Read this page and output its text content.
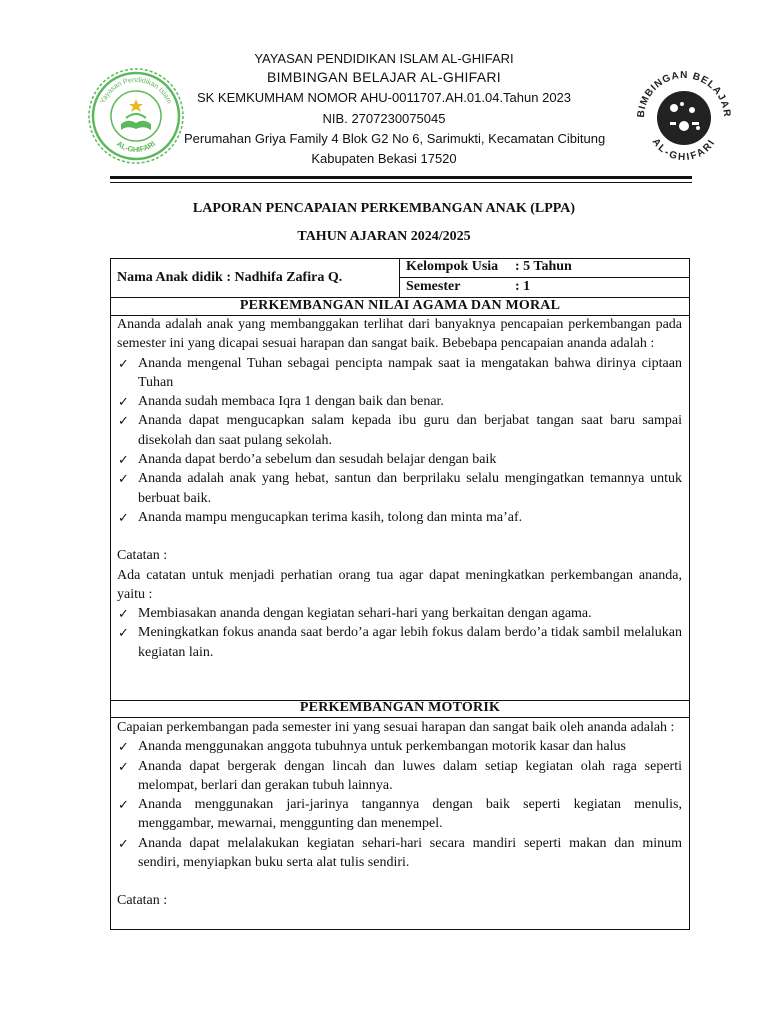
Yayasan Pendidikan Islam
AL-GHIFARI
BIMBINGAN BELAJAR
AL-GHIFARI
YAYASAN PENDIDIKAN ISLAM AL-GHIFARI
BIMBINGAN BELAJAR AL-GHIFARI
SK KEMKUMHAM NOMOR AHU-0011707.AH.01.04.Tahun 2023
NIB. 2707230075045
Perumahan Griya Family 4 Blok G2 No 6, Sarimukti, Kecamatan Cibitung
Kabupaten Bekasi 17520
LAPORAN PENCAPAIAN PERKEMBANGAN ANAK (LPPA)
TAHUN AJARAN 2024/2025
Nama Anak didik : Nadhifa Zafira Q.
Kelompok Usia : 5 Tahun
Semester	: 1
PERKEMBANGAN NILAI AGAMA DAN MORAL

Ananda adalah anak yang membanggakan terlihat dari banyaknya pencapaian perkembangan pada semester ini yang dicapai sesuai harapan dan sangat baik. Bebebapa pencapaian ananda adalah :

✓ Ananda mengenal Tuhan sebagai pencipta nampak saat ia mengatakan bahwa dirinya ciptaan Tuhan
✓ Ananda sudah membaca Iqra 1 dengan baik dan benar.
✓ Ananda dapat mengucapkan salam kepada ibu guru dan berjabat tangan saat baru sampai disekolah dan saat pulang sekolah.
✓ Ananda dapat berdo’a sebelum dan sesudah belajar dengan baik
✓ Ananda adalah anak yang hebat, santun dan berprilaku selalu mengingatkan temannya untuk berbuat baik.
✓ Ananda mampu mengucapkan terima kasih, tolong dan minta ma’af.

Catatan :

Ada catatan untuk menjadi perhatian orang tua agar dapat meningkatkan perkembangan ananda, yaitu :

✓ Membiasakan ananda dengan kegiatan sehari-hari yang berkaitan dengan agama.
✓ Meningkatkan fokus ananda saat berdo’a agar lebih fokus dalam berdo’a tidak sambil melalukan kegiatan lain.
PERKEMBANGAN MOTORIK

Capaian perkembangan pada semester ini yang sesuai harapan dan sangat baik oleh ananda adalah :

✓ Ananda menggunakan anggota tubuhnya untuk perkembangan motorik kasar dan halus
✓ Ananda dapat bergerak dengan lincah dan luwes dalam setiap kegiatan olah raga seperti melompat, berlari dan gerakan tubuh lainnya.
✓ Ananda menggunakan jari-jarinya tangannya dengan baik seperti kegiatan menulis, menggambar, mewarnai, menggunting dan menempel.
✓ Ananda dapat melalakukan kegiatan sehari-hari secara mandiri seperti makan dan minum sendiri, menyiapkan buku serta alat tulis sendiri.

Catatan :
